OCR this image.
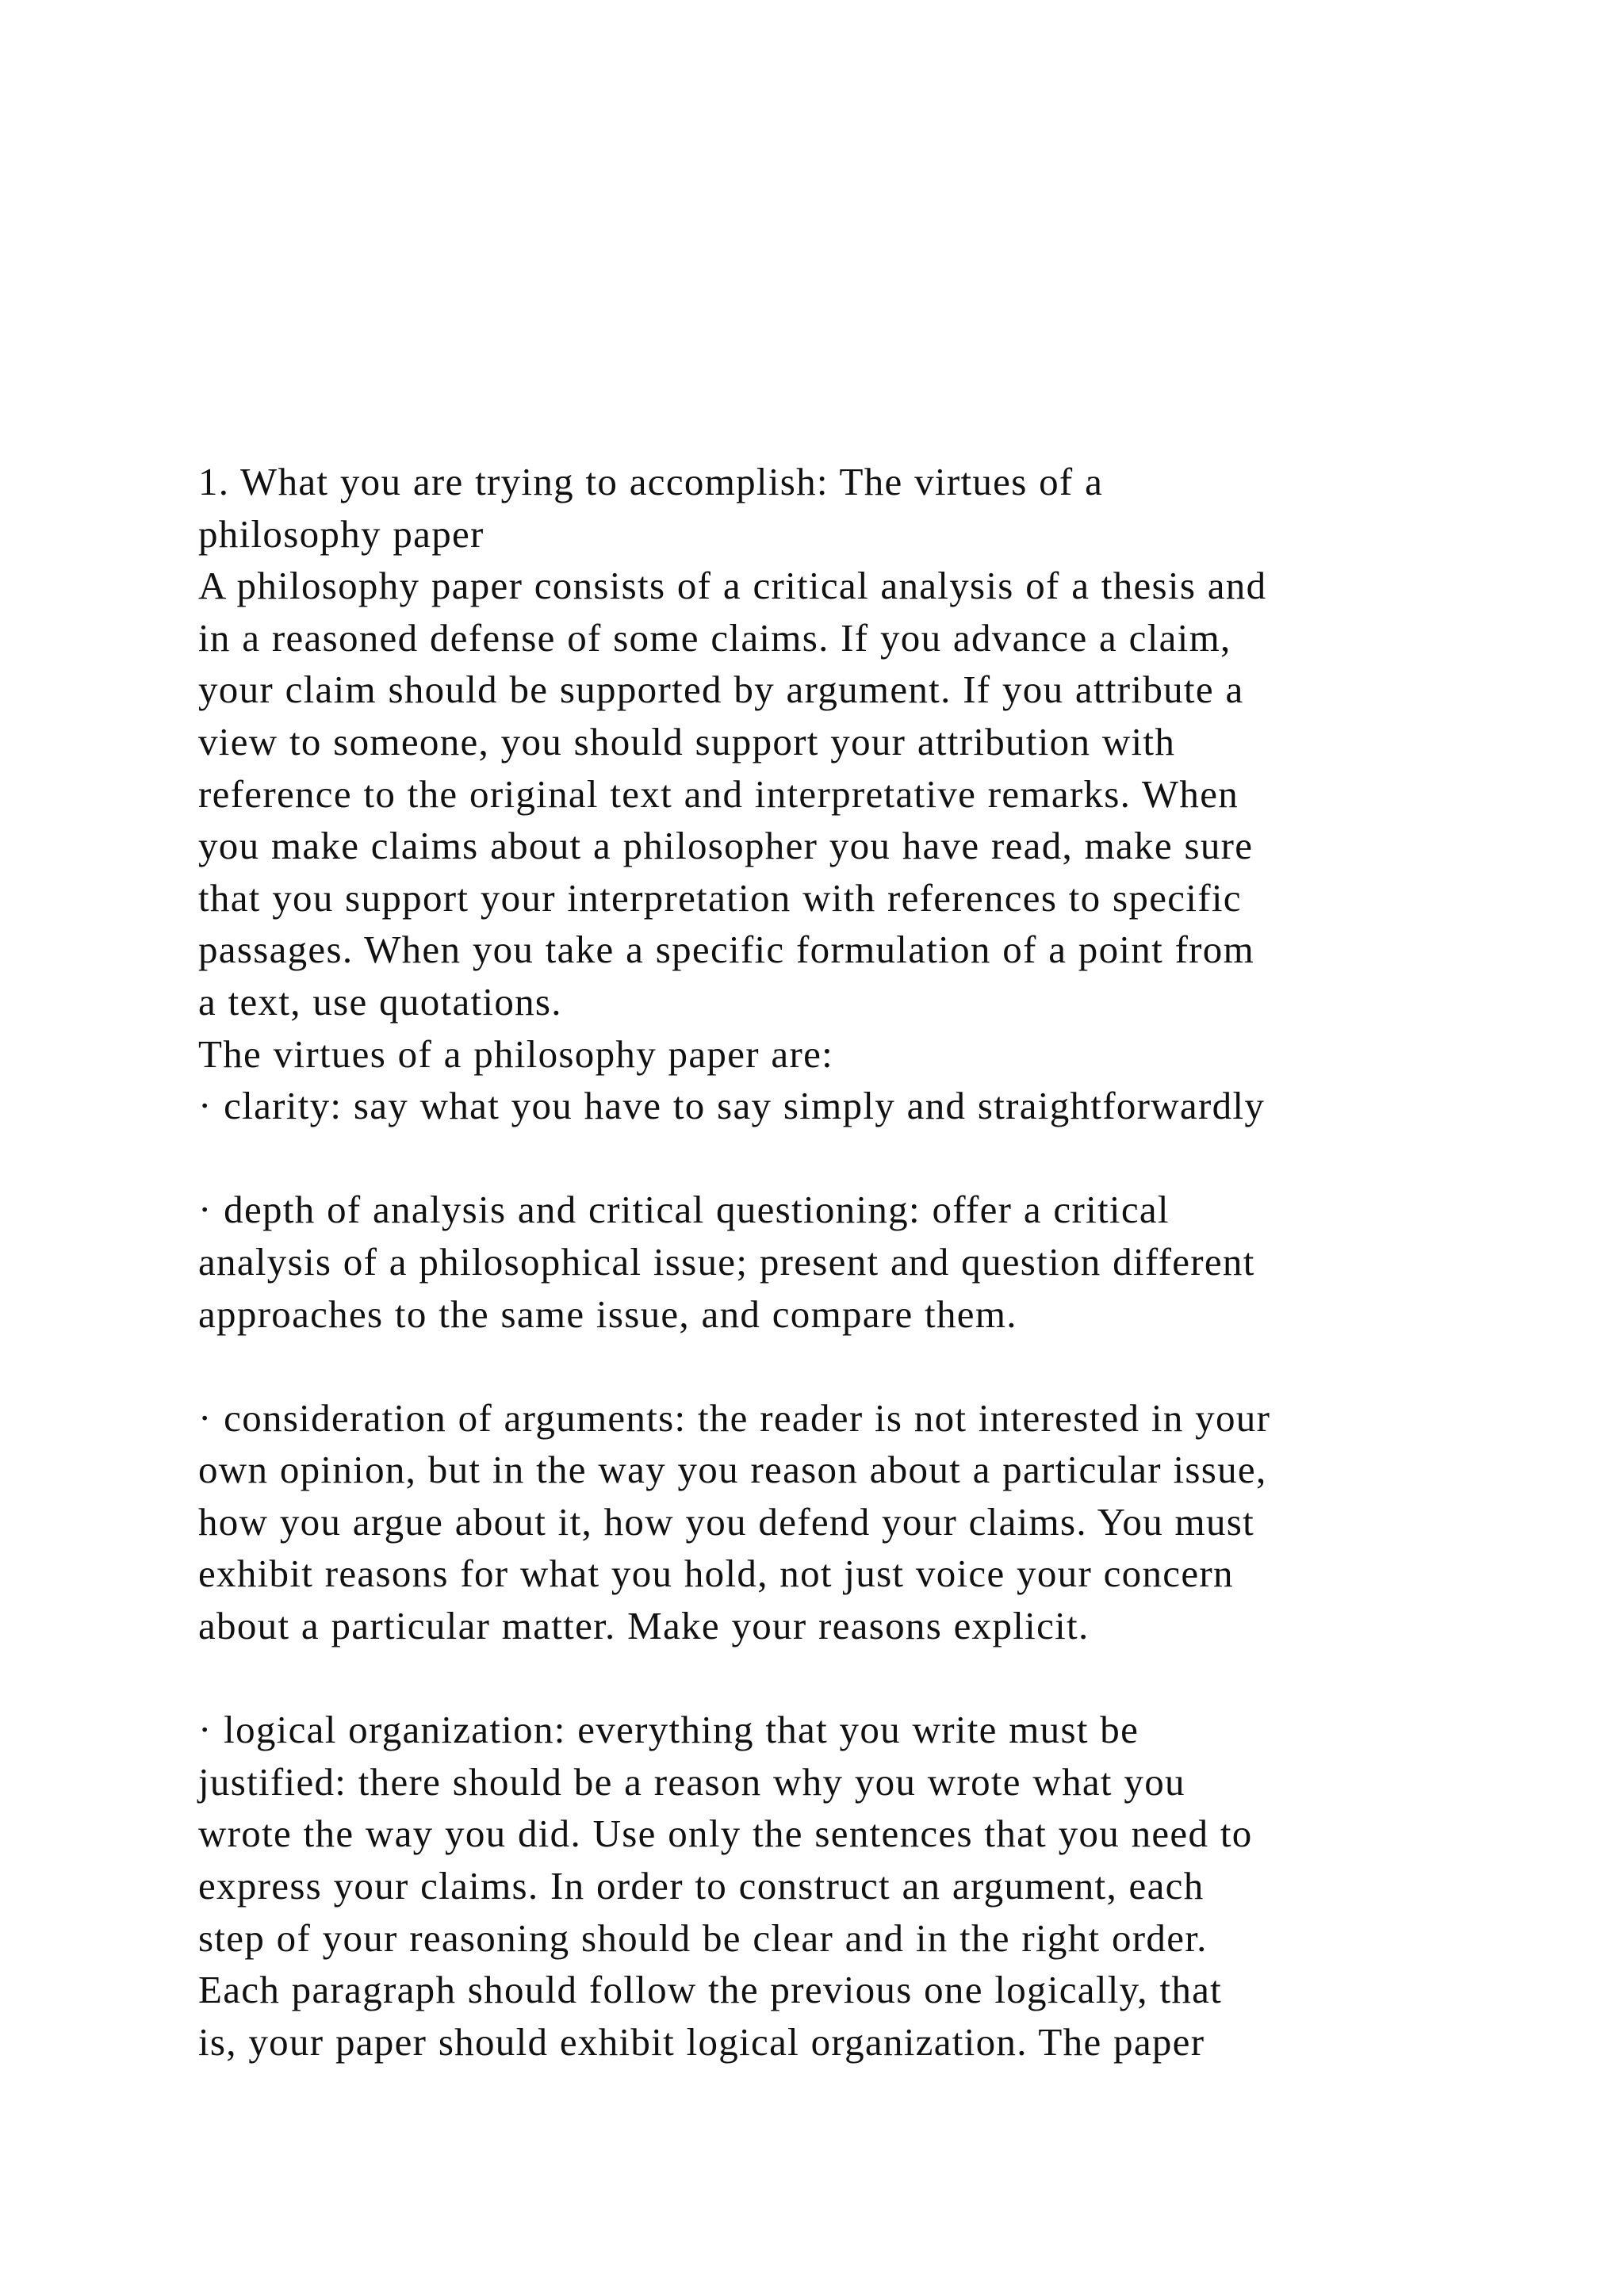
1. What you are trying to accomplish: The virtues of a
philosophy paper
A philosophy paper consists of a critical analysis of a thesis and
in a reasoned defense of some claims. If you advance a claim,
your claim should be supported by argument. If you attribute a
view to someone, you should support your attribution with
reference to the original text and interpretative remarks. When
you make claims about a philosopher you have read, make sure
that you support your interpretation with references to specific
passages. When you take a specific formulation of a point from
a text, use quotations.
The virtues of a philosophy paper are:
· clarity: say what you have to say simply and straightforwardly
· depth of analysis and critical questioning: offer a critical
analysis of a philosophical issue; present and question different
approaches to the same issue, and compare them.
· consideration of arguments: the reader is not interested in your
own opinion, but in the way you reason about a particular issue,
how you argue about it, how you defend your claims. You must
exhibit reasons for what you hold, not just voice your concern
about a particular matter. Make your reasons explicit.
· logical organization: everything that you write must be
justified: there should be a reason why you wrote what you
wrote the way you did. Use only the sentences that you need to
express your claims. In order to construct an argument, each
step of your reasoning should be clear and in the right order.
Each paragraph should follow the previous one logically, that
is, your paper should exhibit logical organization. The paper
